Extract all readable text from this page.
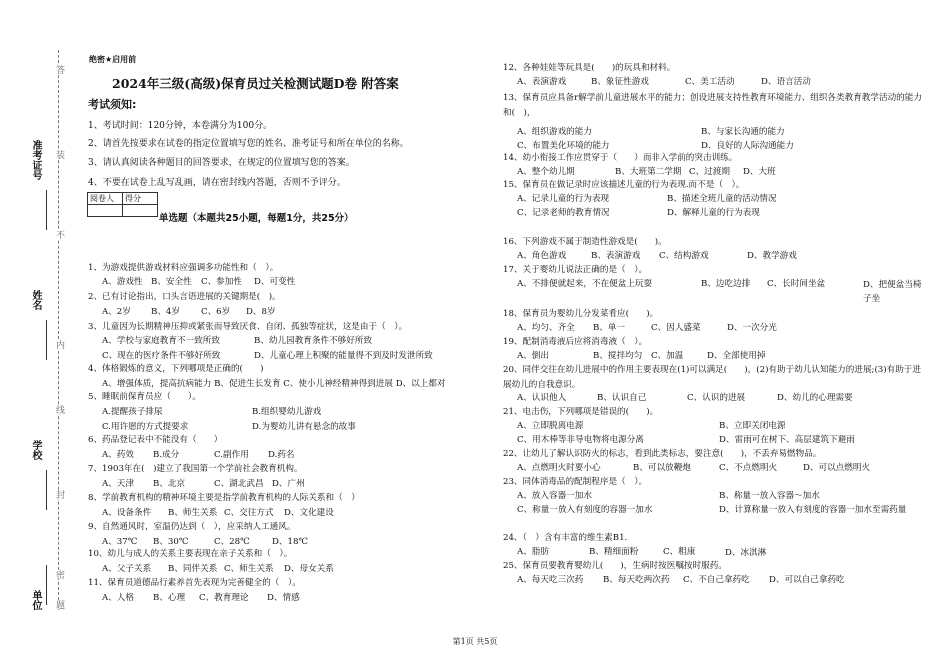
准考证号
姓名
学校
单位
答
装
不
内
线
封
密
题
绝密★启用前
2024年三级(高级)保育员过关检测试题D卷 附答案
考试须知:
1、考试时间：120分钟，本卷满分为100分。
2、请首先按要求在试卷的指定位置填写您的姓名、准考证号和所在单位的名称。
3、请认真阅读各种题目的回答要求，在规定的位置填写您的答案。
4、不要在试卷上乱写乱画，请在密封线内答题，否则不予评分。
阅卷人	得分

单选题（本题共25小题，每题1分，共25分）
1、为游戏提供游戏材料应强调多功能性和（　）。
A、游戏性 B、安全性 C、参加性 D、可变性
2、已有讨论指出，口头言语进展的关键期是(　)。
A、2岁 B、4岁 C、6岁 D、8岁
3、儿童因为长期精神压抑或紧张而导致厌食、自闭、孤独等症状，这是由于（　）。
A、学校与家庭教育不一致所致	B、幼儿园教育条件不够好所致
C、现在的医疗条件不够好所致	D、儿童心理上积聚的能量得不到及时发泄所致
4、体格锻炼的意义，下列哪项是正确的(　　)
A、增强体质，提高抗病能力 B、促进生长发育 C、使小儿神经精神得到进展 D、以上都对
5、睡眠前保育员应（　　）。
A.提醒孩子排尿	B.组织婴幼儿游戏
C.用许愿的方式提要求	D.为婴幼儿讲有悬念的故事
6、药品登记表中不能没有（　　）
A、药效 B.成分	C.副作用 D.药名
7、1903年在(　)建立了我国第一个学前社会教育机构。
A、天津 B、北京	C、湖北武昌 D、广州
8、学前教育机构的精神环境主要是指学前教育机构的人际关系和（　）
A、设备条件 B、师生关系 C、交往方式 D、文化建设
9、自然通风时，室温仍达到（　），应采纳人工通风。
A、37℃ B、30℃	C、28℃	D、18℃
10、幼儿与成人的关系主要表现在亲子关系和（　）。
A、父子关系 B、同伴关系 C、师生关系 D、母女关系
11、保育员道德品行素养首先表现为完善健全的（　）。
A、人格 B、心理 C、教育理论 D、情感
12、各种娃娃等玩具是(　　)的玩具和材料。
A、表演游戏	B、象征性游戏	C、美工活动	D、语言活动
13、保育员应具备r解学前儿童进展水平的能力；创设进展支持性教育环境能力、组织各类教育教学活动的能力和(　)，
A、组织游戏的能力	B、与家长沟通的能力
C、布置美化环境的能力	D、良好的人际沟通能力
14、幼小衔接工作应贯穿于（　　）而非入学前的突击训练。
A、整个幼儿期	B、大班第二学期 C、过渡期 D、大班
15、保育员在做记录时应该描述儿童的行为表现.而不是（　）。
A、记录儿童的行为表现	B、描述全班儿童的活动情况
C、记录老师的教育情况	D、解释儿童的行为表现
16、下列游戏不属于制造性游戏是(　　)。
A、角色游戏	B、表演游戏 C、结构游戏	D、教学游戏
17、关于婴幼儿说法正确的是（　）。
A、不排便就起来，不在便盆上玩耍	B、边吃边排 C、长时间坐盆	D、把便盆当椅子坐
18、保育员为婴幼儿分发菜肴应(　　)。
A、均匀、齐全 B、单一	C、因人盛菜	D、一次分光
19、配制消毒液后应将消毒液（　）。
A、倒出	B、搅拌均匀 C、加温	D、全部使用掉
20、同伴交往在幼儿进展中的作用主要表现在(1)可以满足(　　)，(2)有助于幼儿认知能力的进展;(3)有助于进展幼儿的自我意识。
A、认识他人	B、认识自己	C、认识的进展	D、幼儿的心理需要
21、电击伤，下列哪项是错误的(　　)。
A、立即脱离电源	B、立即关闭电源
C、用木棒等非导电物将电源分离	D、雷雨可在树下、高层建筑下避雨
22、让幼儿了解认识防火的标志，看到此类标志，要注意(　　)，不丢弃易燃物品。
A、点燃明火时要小心	B、可以放鞭炮	C、不点燃明火	D、可以点燃明火
23、同体消毒品的配制程序是（　）。
A、放入容器一加水	B、称量一放入容器～加水
C、称量一放入有刻度的容器一加水	D、计算称量一放入有刻度的容器一加水至需药量
24、（　）含有丰富的维生素B1.
A、脂肪	B、精细面粉	C、粗康	D、冰淇淋
25、保育员要教育婴幼儿(　　)，生病时按医嘱按时服药。
A、每天吃三次药 B、每天吃两次药 C、不自己拿药吃 D、可以自己拿药吃
第1页 共5页
